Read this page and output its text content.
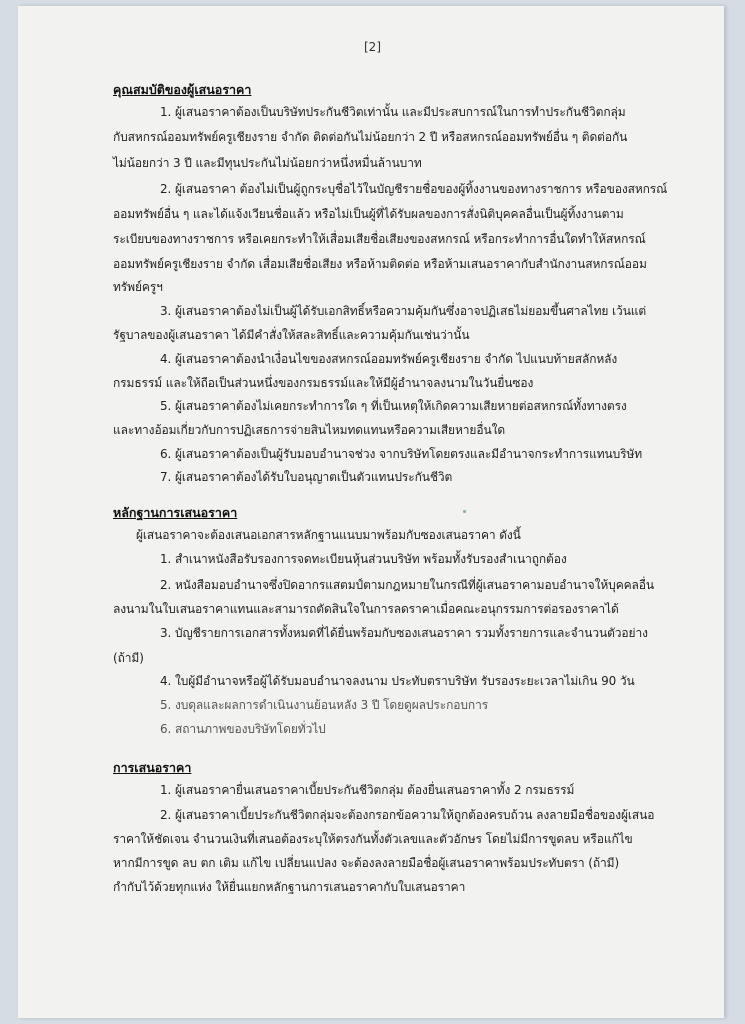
[2]
คุณสมบัติของผู้เสนอราคา
1. ผู้เสนอราคาต้องเป็นบริษัทประกันชีวิตเท่านั้น และมีประสบการณ์ในการทำประกันชีวิตกลุ่ม
กับสหกรณ์ออมทรัพย์ครูเชียงราย จำกัด ติดต่อกันไม่น้อยกว่า 2 ปี หรือสหกรณ์ออมทรัพย์อื่น ๆ ติดต่อกัน
ไม่น้อยกว่า 3 ปี และมีทุนประกันไม่น้อยกว่าหนึ่งหมื่นล้านบาท
2. ผู้เสนอราคา ต้องไม่เป็นผู้ถูกระบุชื่อไว้ในบัญชีรายชื่อของผู้ทิ้งงานของทางราชการ หรือของสหกรณ์
ออมทรัพย์อื่น ๆ และได้แจ้งเวียนชื่อแล้ว หรือไม่เป็นผู้ที่ได้รับผลของการสั่งนิติบุคคลอื่นเป็นผู้ทิ้งงานตาม
ระเบียบของทางราชการ หรือเคยกระทำให้เสื่อมเสียชื่อเสียงของสหกรณ์ หรือกระทำการอื่นใดทำให้สหกรณ์
ออมทรัพย์ครูเชียงราย จำกัด เสื่อมเสียชื่อเสียง หรือห้ามติดต่อ หรือห้ามเสนอราคากับสำนักงานสหกรณ์ออม
ทรัพย์ครูฯ
3. ผู้เสนอราคาต้องไม่เป็นผู้ได้รับเอกสิทธิ์หรือความคุ้มกันซึ่งอาจปฏิเสธไม่ยอมขึ้นศาลไทย เว้นแต่
รัฐบาลของผู้เสนอราคา ได้มีคำสั่งให้สละสิทธิ์และความคุ้มกันเช่นว่านั้น
4. ผู้เสนอราคาต้องนำเงื่อนไขของสหกรณ์ออมทรัพย์ครูเชียงราย จำกัด ไปแนบท้ายสลักหลัง
กรมธรรม์ และให้ถือเป็นส่วนหนึ่งของกรมธรรม์และให้มีผู้อำนาจลงนามในวันยื่นซอง
5. ผู้เสนอราคาต้องไม่เคยกระทำการใด ๆ ที่เป็นเหตุให้เกิดความเสียหายต่อสหกรณ์ทั้งทางตรง
และทางอ้อมเกี่ยวกับการปฏิเสธการจ่ายสินไหมทดแทนหรือความเสียหายอื่นใด
6. ผู้เสนอราคาต้องเป็นผู้รับมอบอำนาจช่วง จากบริษัทโดยตรงและมีอำนาจกระทำการแทนบริษัท
7. ผู้เสนอราคาต้องได้รับใบอนุญาตเป็นตัวแทนประกันชีวิต
หลักฐานการเสนอราคา
ผู้เสนอราคาจะต้องเสนอเอกสารหลักฐานแนบมาพร้อมกับซองเสนอราคา ดังนี้
1. สำเนาหนังสือรับรองการจดทะเบียนหุ้นส่วนบริษัท พร้อมทั้งรับรองสำเนาถูกต้อง
2. หนังสือมอบอำนาจซึ่งปิดอากรแสตมป์ตามกฎหมายในกรณีที่ผู้เสนอราคามอบอำนาจให้บุคคลอื่น
ลงนามในใบเสนอราคาแทนและสามารถตัดสินใจในการลดราคาเมื่อคณะอนุกรรมการต่อรองราคาได้
3. บัญชีรายการเอกสารทั้งหมดที่ได้ยื่นพร้อมกับซองเสนอราคา รวมทั้งรายการและจำนวนตัวอย่าง
(ถ้ามี)
4. ใบผู้มีอำนาจหรือผู้ได้รับมอบอำนาจลงนาม ประทับตราบริษัท รับรองระยะเวลาไม่เกิน 90 วัน
5. งบดุลและผลการดำเนินงานย้อนหลัง 3 ปี โดยดูผลประกอบการ
6. สถานภาพของบริษัทโดยทั่วไป
การเสนอราคา
1. ผู้เสนอราคายื่นเสนอราคาเบี้ยประกันชีวิตกลุ่ม ต้องยื่นเสนอราคาทั้ง 2 กรมธรรม์
2. ผู้เสนอราคาเบี้ยประกันชีวิตกลุ่มจะต้องกรอกข้อความให้ถูกต้องครบถ้วน ลงลายมือชื่อของผู้เสนอ
ราคาให้ชัดเจน จำนวนเงินที่เสนอต้องระบุให้ตรงกันทั้งตัวเลขและตัวอักษร โดยไม่มีการขูดลบ หรือแก้ไข
หากมีการขูด ลบ ตก เติม แก้ไข เปลี่ยนแปลง จะต้องลงลายมือชื่อผู้เสนอราคาพร้อมประทับตรา (ถ้ามี)
กำกับไว้ด้วยทุกแห่ง ให้ยื่นแยกหลักฐานการเสนอราคากับใบเสนอราคา
